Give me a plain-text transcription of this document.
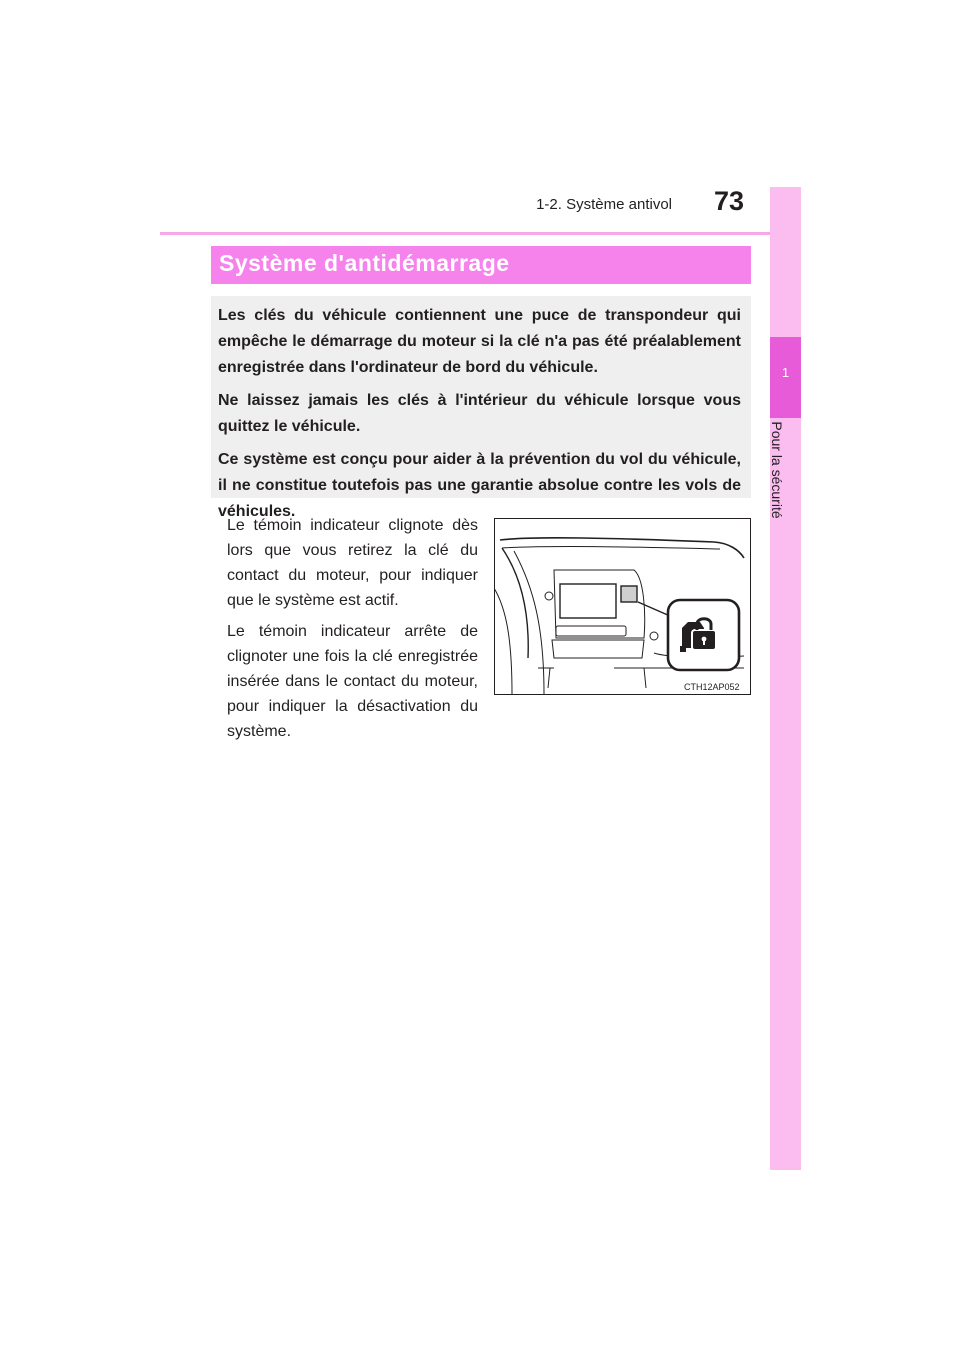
1-2. Système antivol 73
1
Pour la sécurité
Système d'antidémarrage

Les clés du véhicule contiennent une puce de transpondeur qui empêche le démarrage du moteur si la clé n'a pas été préalablement enregistrée dans l'ordinateur de bord du véhicule.

Ne laissez jamais les clés à l'intérieur du véhicule lorsque vous quittez le véhicule.

Ce système est conçu pour aider à la prévention du vol du véhicule, il ne constitue toutefois pas une garantie absolue contre les vols de véhicules.

Le témoin indicateur clignote dès lors que vous retirez la clé du contact du moteur, pour indiquer que le système est actif.

Le témoin indicateur arrête de clignoter une fois la clé enregistrée insérée dans le contact du moteur, pour indiquer la désactivation du système.

CTH12AP052
